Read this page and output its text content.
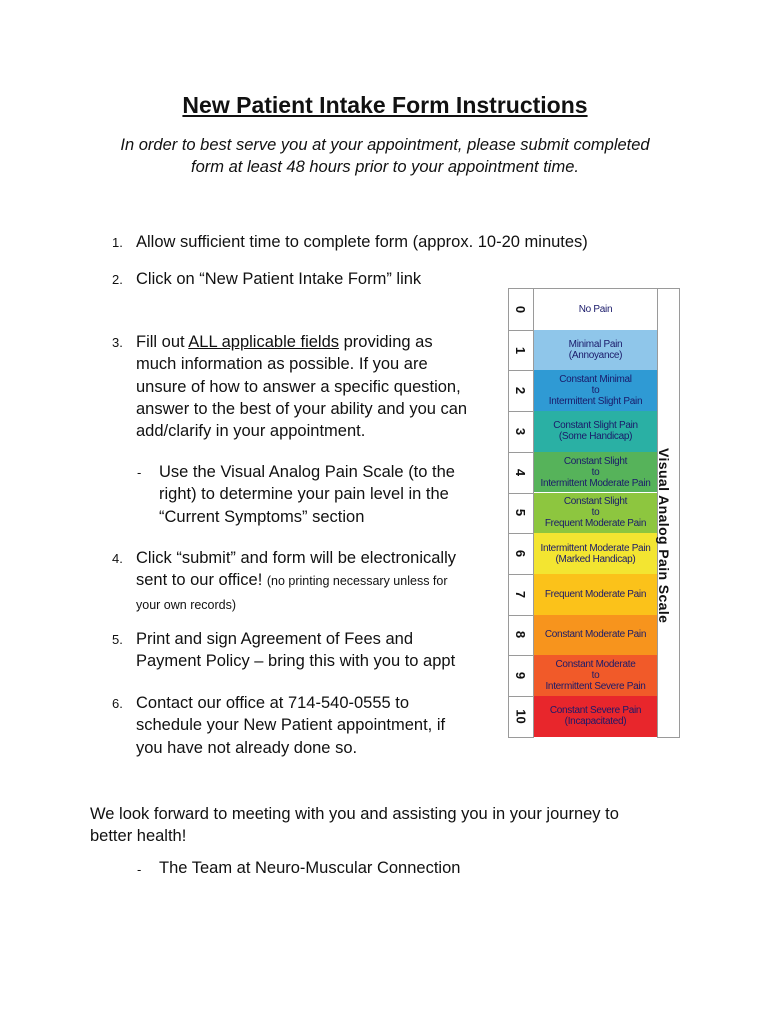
New Patient Intake Form Instructions

In order to best serve you at your appointment, please submit completed
form at least 48 hours prior to your appointment time.

1. Allow sufficient time to complete form (approx. 10-20 minutes)
2. Click on “New Patient Intake Form” link
3. Fill out ALL applicable fields providing as
much information as possible. If you are
unsure of how to answer a specific question,
answer to the best of your ability and you can
add/clarify in your appointment.
- Use the Visual Analog Pain Scale (to the
right) to determine your pain level in the
“Current Symptoms” section
4. Click “submit” and form will be electronically
sent to our office! (no printing necessary unless for
your own records)
5. Print and sign Agreement of Fees and
Payment Policy – bring this with you to appt
6. Contact our office at 714-540-0555 to
schedule your New Patient appointment, if
you have not already done so.

We look forward to meeting with you and assisting you in your journey to
better health!

- The Team at Neuro-Muscular Connection
0	No Pain
1	Minimal Pain
(Annoyance)
2
Constant Minimal
to
Intermittent Slight Pain
3 Constant Slight Pain
(Some Handicap)
4
Constant Slight
to
Intermittent Moderate Pain
5
Constant Slight
to
Frequent Moderate Pain
6 Intermittent Moderate Pain
(Marked Handicap)
7 Frequent Moderate Pain
8 Constant Moderate Pain
9
Constant Moderate
to
Intermittent Severe Pain
10 Constant Severe Pain
(Incapacitated)
Visual Analog Pain Scale
